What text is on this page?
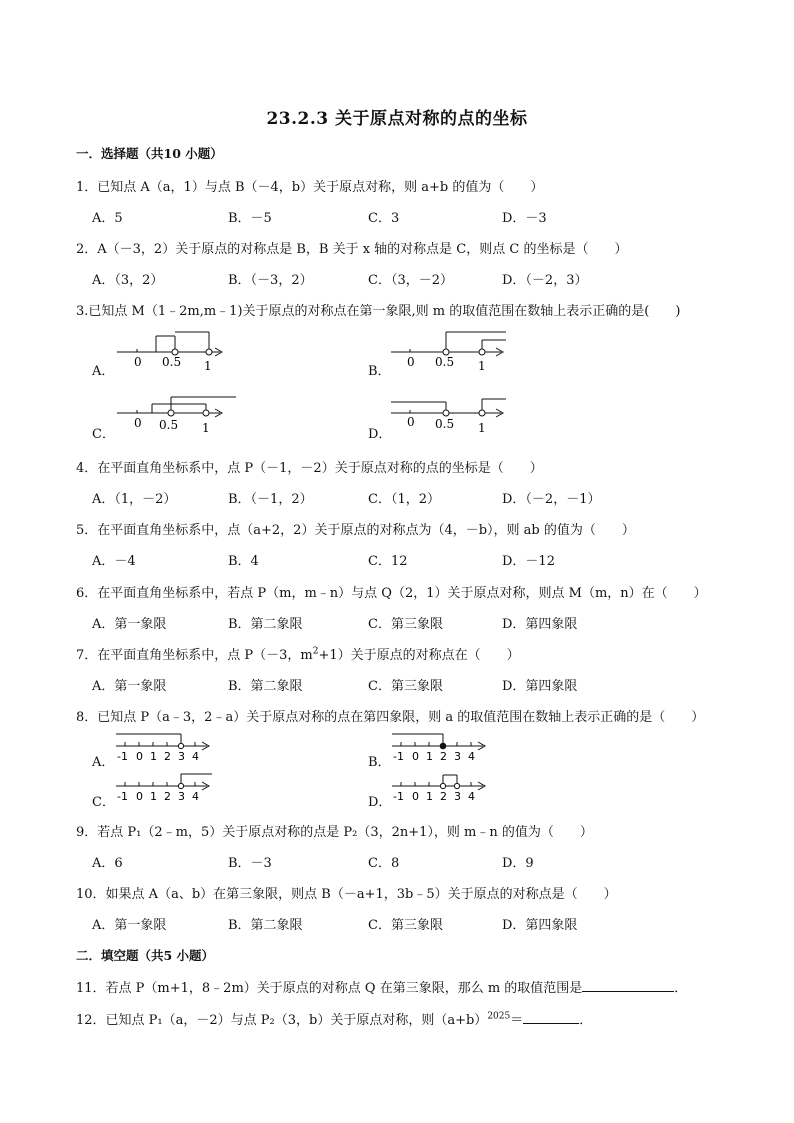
23.2.3 关于原点对称的点的坐标
一．选择题（共10 小题）
1．已知点 A（a，1）与点 B（－4，b）关于原点对称，则 a+b 的值为（　　）
A．5	B．－5	C．3	D．－3
2．A（－3，2）关于原点的对称点是 B，B 关于 x 轴的对称点是 C，则点 C 的坐标是（　　）
A．（3，2）	B．（－3，2）	C．（3，－2）	D．（－2，3）
3.已知点 M（1﹣2m,m﹣1)关于原点的对称点在第一象限,则 m 的取值范围在数轴上表示正确的是(　　)
A．
0 0.5 1	B．
0 0.5 1
C．
0 0.5 1	D．
0 0.5 1
4．在平面直角坐标系中，点 P（－1，－2）关于原点对称的点的坐标是（　　）
A．（1，－2）	B．（－1，2）	C．（1，2）	D．（－2，－1）
5．在平面直角坐标系中，点（a+2，2）关于原点的对称点为（4，－b），则 ab 的值为（　　）
A．－4	B．4	C．12	D．－12
6．在平面直角坐标系中，若点 P（m，m﹣n）与点 Q（2，1）关于原点对称，则点 M（m，n）在（　　）
A．第一象限	B．第二象限	C．第三象限	D．第四象限
7．在平面直角坐标系中，点 P（－3，$m^2+1$）关于原点的对称点在（　　）
A．第一象限	B．第二象限	C．第三象限	D．第四象限
8．已知点 P（a﹣3，2﹣a）关于原点对称的点在第四象限，则 a 的取值范围在数轴上表示正确的是（　　）
A． -1 0 1 2 3 4	B． -1 0 1 2 3 4
C． -1 0 1 2 3 4	D． -1 0 1 2 3 4
9．若点 P₁（2﹣m，5）关于原点对称的点是 P₂（3，2n+1），则 m﹣n 的值为（　　）
A．6	B．－3	C．8	D．9
10．如果点 A（a、b）在第三象限，则点 B（－a+1，3b﹣5）关于原点的对称点是（　　）
A．第一象限	B．第二象限	C．第三象限	D．第四象限
二．填空题（共5 小题）
11．若点 P（m+1，8﹣2m）关于原点的对称点 Q 在第三象限，那么 m 的取值范围是	．
12．已知点 P₁（a，－2）与点 P₂（3，b）关于原点对称，则$(a+b)^{2025}=$	．
